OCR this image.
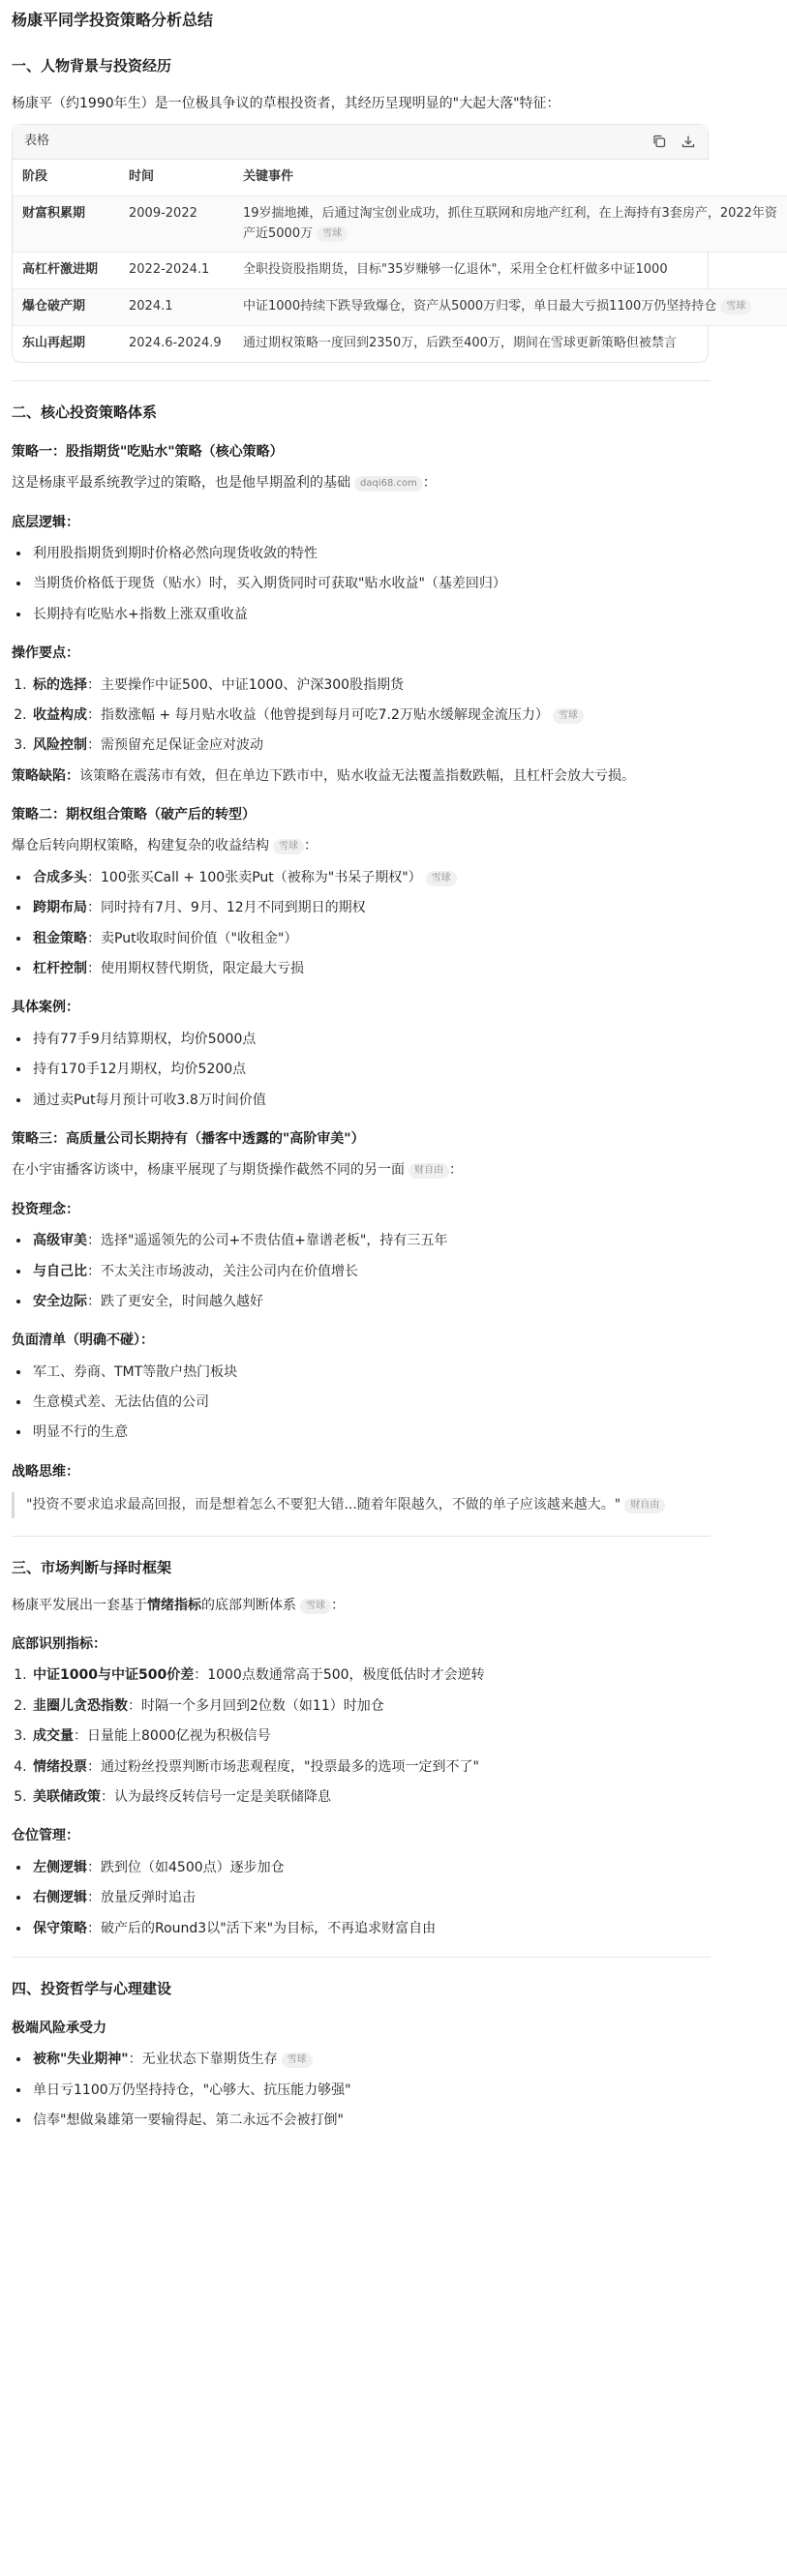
杨康平同学投资策略分析总结
一、人物背景与投资经历

杨康平（约1990年生）是一位极具争议的草根投资者，其经历呈现明显的"大起大落"特征：

表格
阶段	时间	关键事件
财富积累期	2009-2022	19岁揣地摊，后通过淘宝创业成功，抓住互联网和房地产红利，在上海持有3套房产，2022年资产近5000万 雪球
高杠杆激进期	2022-2024.1	全职投资股指期货，目标"35岁赚够一亿退休"，采用全仓杠杆做多中证1000
爆仓破产期	2024.1	中证1000持续下跌导致爆仓，资产从5000万归零，单日最大亏损1100万仍坚持持仓 雪球
东山再起期	2024.6-2024.9	通过期权策略一度回到2350万，后跌至400万，期间在雪球更新策略但被禁言
二、核心投资策略体系
策略一：股指期货"吃贴水"策略（核心策略）

这是杨康平最系统教学过的策略，也是他早期盈利的基础 daqi68.com ：

底层逻辑：
• 利用股指期货到期时价格必然向现货收敛的特性
• 当期货价格低于现货（贴水）时，买入期货同时可获取"贴水收益"（基差回归）
• 长期持有吃贴水+指数上涨双重收益
操作要点：
1. 标的选择：主要操作中证500、中证1000、沪深300股指期货
2. 收益构成：指数涨幅 + 每月贴水收益（他曾提到每月可吃7.2万贴水缓解现金流压力） 雪球
3. 风险控制：需预留充足保证金应对波动

策略缺陷：该策略在震荡市有效，但在单边下跌市中，贴水收益无法覆盖指数跌幅，且杠杆会放大亏损。

策略二：期权组合策略（破产后的转型）

爆仓后转向期权策略，构建复杂的收益结构 雪球 ：

• 合成多头：100张买Call + 100张卖Put（被称为"书呆子期权"） 雪球
• 跨期布局：同时持有7月、9月、12月不同到期日的期权
• 租金策略：卖Put收取时间价值（"收租金"）
• 杠杆控制：使用期权替代期货，限定最大亏损
具体案例：
• 持有77手9月结算期权，均价5000点
• 持有170手12月期权，均价5200点
• 通过卖Put每月预计可收3.8万时间价值
策略三：高质量公司长期持有（播客中透露的"高阶审美"）

在小宇宙播客访谈中，杨康平展现了与期货操作截然不同的另一面 财自由 ：

投资理念：
• 高级审美：选择"遥遥领先的公司+不贵估值+靠谱老板"，持有三五年
• 与自己比：不太关注市场波动，关注公司内在价值增长
• 安全边际：跌了更安全，时间越久越好
负面清单（明确不碰）：
• 军工、券商、TMT等散户热门板块
• 生意模式差、无法估值的公司
• 明显不行的生意
战略思维：
"投资不要求追求最高回报，而是想着怎么不要犯大错...随着年限越久，不做的单子应该越来越大。" 财自由
三、市场判断与择时框架

杨康平发展出一套基于情绪指标的底部判断体系 雪球 ：

底部识别指标：
1. 中证1000与中证500价差：1000点数通常高于500，极度低估时才会逆转
2. 韭圈儿贪恐指数：时隔一个多月回到2位数（如11）时加仓
3. 成交量：日量能上8000亿视为积极信号
4. 情绪投票：通过粉丝投票判断市场悲观程度，"投票最多的选项一定到不了"
5. 美联储政策：认为最终反转信号一定是美联储降息
仓位管理：
• 左侧逻辑：跌到位（如4500点）逐步加仓
• 右侧逻辑：放量反弹时追击
• 保守策略：破产后的Round3以"活下来"为目标，不再追求财富自由
四、投资哲学与心理建设
极端风险承受力
• 被称"失业期神"：无业状态下靠期货生存 雪球
• 单日亏1100万仍坚持持仓，"心够大、抗压能力够强"
• 信奉"想做枭雄第一要输得起、第二永远不会被打倒"
